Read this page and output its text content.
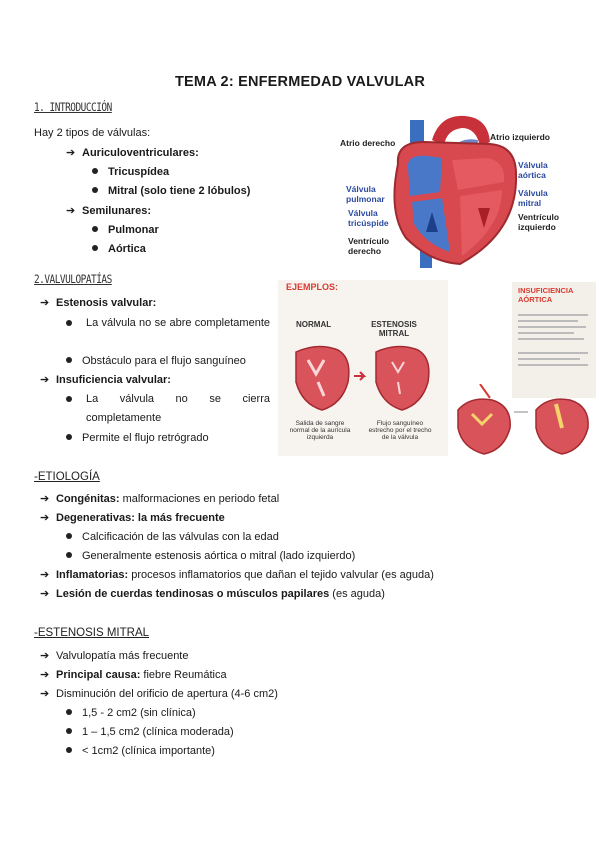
TEMA 2: ENFERMEDAD VALVULAR
1. INTRODUCCIÓN
Hay 2 tipos de válvulas:
➔ Auriculoventriculares:
Tricuspídea
Mitral (solo tiene 2 lóbulos)
➔ Semilunares:
Pulmonar
Aórtica
Atrio derecho
Atrio izquierdo
Válvula pulmonar
Válvula tricúspide
Ventrículo derecho
Válvula aórtica
Válvula mitral
Ventrículo izquierdo
2.VALVULOPATÍAS
➔ Estenosis valvular:
La válvula no se abre completamente
Obstáculo para el flujo sanguíneo
➔ Insuficiencia valvular:
La válvula no se cierra completamente
Permite el flujo retrógrado
EJEMPLOS:
NORMAL	ESTENOSIS MITRAL
Salida de sangre normal de la aurícula izquierda
Flujo sanguíneo estrecho por el trecho de la válvula
INSUFICIENCIA AÓRTICA
-ETIOLOGÍA
➔ Congénitas: malformaciones en periodo fetal
➔ Degenerativas: la más frecuente
Calcificación de las válvulas con la edad
Generalmente estenosis aórtica o mitral (lado izquierdo)
➔ Inflamatorias: procesos inflamatorios que dañan el tejido valvular (es aguda)
➔ Lesión de cuerdas tendinosas o músculos papilares (es aguda)
-ESTENOSIS MITRAL
➔ Valvulopatía más frecuente
➔ Principal causa: fiebre Reumática
➔ Disminución del orificio de apertura (4-6 cm2)
1,5 - 2 cm2 (sin clínica)
1 – 1,5 cm2 (clínica moderada)
< 1cm2 (clínica importante)
